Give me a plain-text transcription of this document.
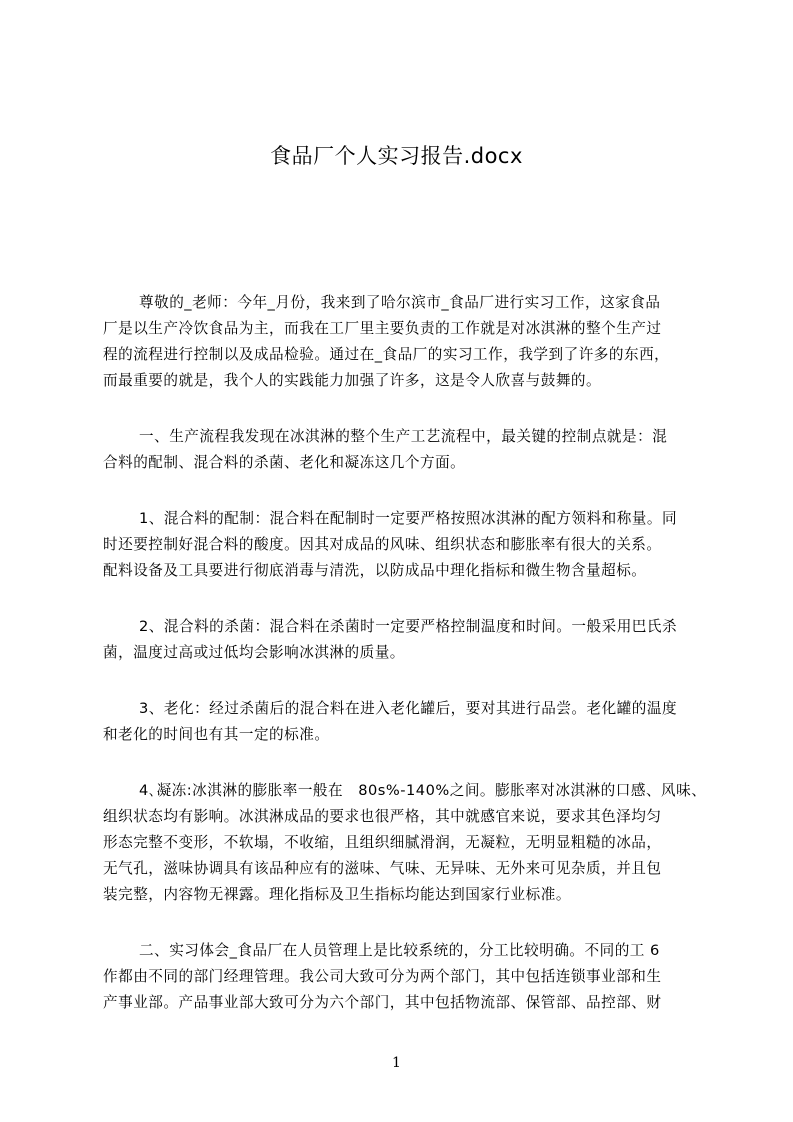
食品厂个人实习报告.docx

尊敬的_老师：今年_月份，我来到了哈尔滨市_食品厂进行实习工作，这家食品
厂是以生产冷饮食品为主，而我在工厂里主要负责的工作就是对冰淇淋的整个生产过
程的流程进行控制以及成品检验。通过在_食品厂的实习工作，我学到了许多的东西，
而最重要的就是，我个人的实践能力加强了许多，这是令人欣喜与鼓舞的。

一、生产流程我发现在冰淇淋的整个生产工艺流程中，最关键的控制点就是：混
合料的配制、混合料的杀菌、老化和凝冻这几个方面。

1、混合料的配制：混合料在配制时一定要严格按照冰淇淋的配方领料和称量。同
时还要控制好混合料的酸度。因其对成品的风味、组织状态和膨胀率有很大的关系。
配料设备及工具要进行彻底消毒与清洗，以防成品中理化指标和微生物含量超标。

2、混合料的杀菌：混合料在杀菌时一定要严格控制温度和时间。一般采用巴氏杀
菌，温度过高或过低均会影响冰淇淋的质量。

3、老化：经过杀菌后的混合料在进入老化罐后，要对其进行品尝。老化罐的温度
和老化的时间也有其一定的标准。

4､凝冻:冰淇淋的膨胀率一般在　80s%-140%之间。膨胀率对冰淇淋的口感、风味、
组织状态均有影响。冰淇淋成品的要求也很严格，其中就感官来说，要求其色泽均匀
形态完整不变形，不软塌，不收缩，且组织细腻滑润，无凝粒，无明显粗糙的冰品，
无气孔，滋味协调具有该品种应有的滋味、气味、无异味、无外来可见杂质，并且包
装完整，内容物无裸露。理化指标及卫生指标均能达到国家行业标准。

二、实习体会_食品厂在人员管理上是比较系统的，分工比较明确。不同的工 6
作都由不同的部门经理管理。我公司大致可分为两个部门，其中包括连锁事业部和生
产事业部。产品事业部大致可分为六个部门，其中包括物流部、保管部、品控部、财

1
